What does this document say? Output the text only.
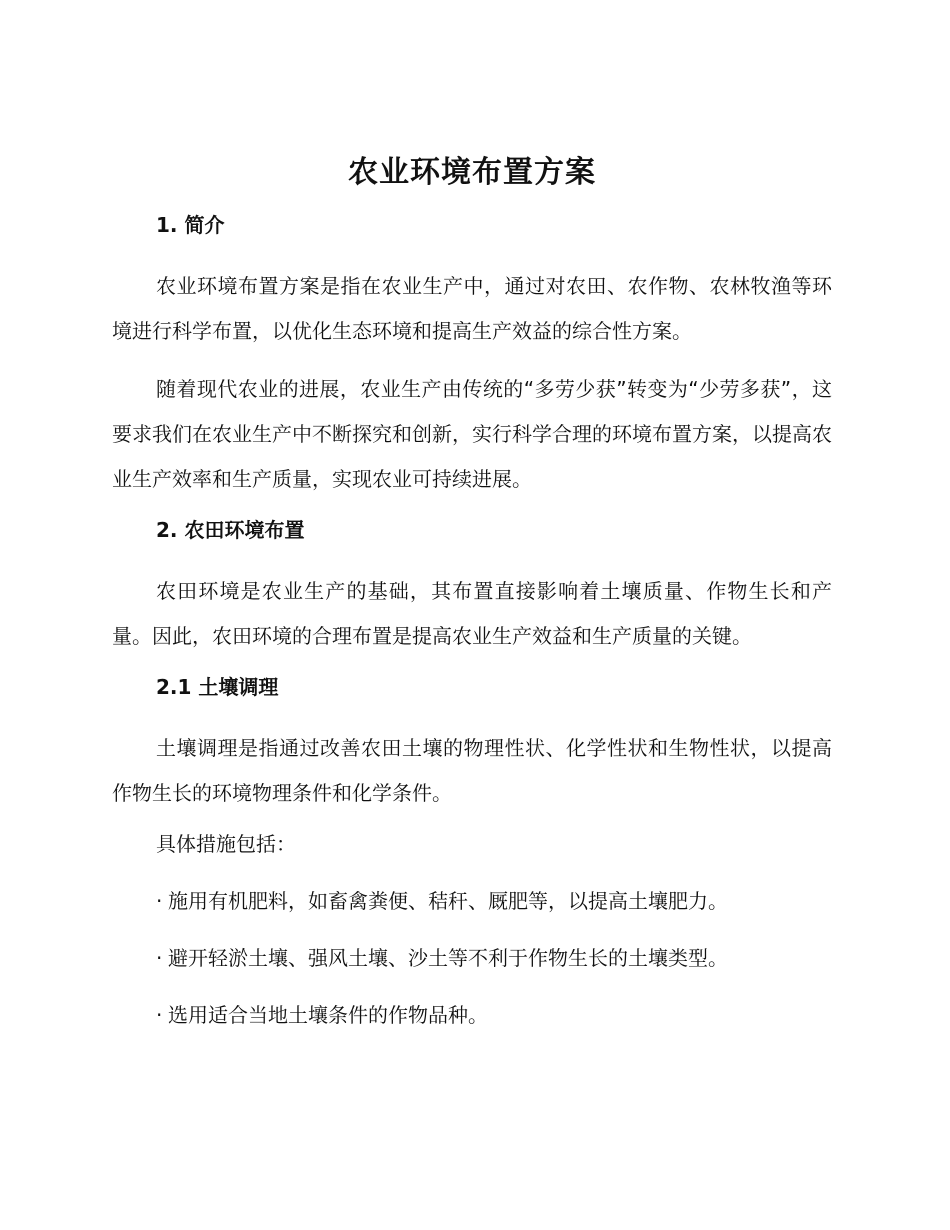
农业环境布置方案
1. 简介

农业环境布置方案是指在农业生产中，通过对农田、农作物、农林牧渔等环境进行科学布置，以优化生态环境和提高生产效益的综合性方案。

随着现代农业的进展，农业生产由传统的“多劳少获”转变为“少劳多获”，这要求我们在农业生产中不断探究和创新，实行科学合理的环境布置方案，以提高农业生产效率和生产质量，实现农业可持续进展。

2. 农田环境布置

农田环境是农业生产的基础，其布置直接影响着土壤质量、作物生长和产量。因此，农田环境的合理布置是提高农业生产效益和生产质量的关键。

2.1 土壤调理

土壤调理是指通过改善农田土壤的物理性状、化学性状和生物性状，以提高作物生长的环境物理条件和化学条件。

具体措施包括：
· 施用有机肥料，如畜禽粪便、秸秆、厩肥等，以提高土壤肥力。
· 避开轻淤土壤、强风土壤、沙土等不利于作物生长的土壤类型。
· 选用适合当地土壤条件的作物品种。
